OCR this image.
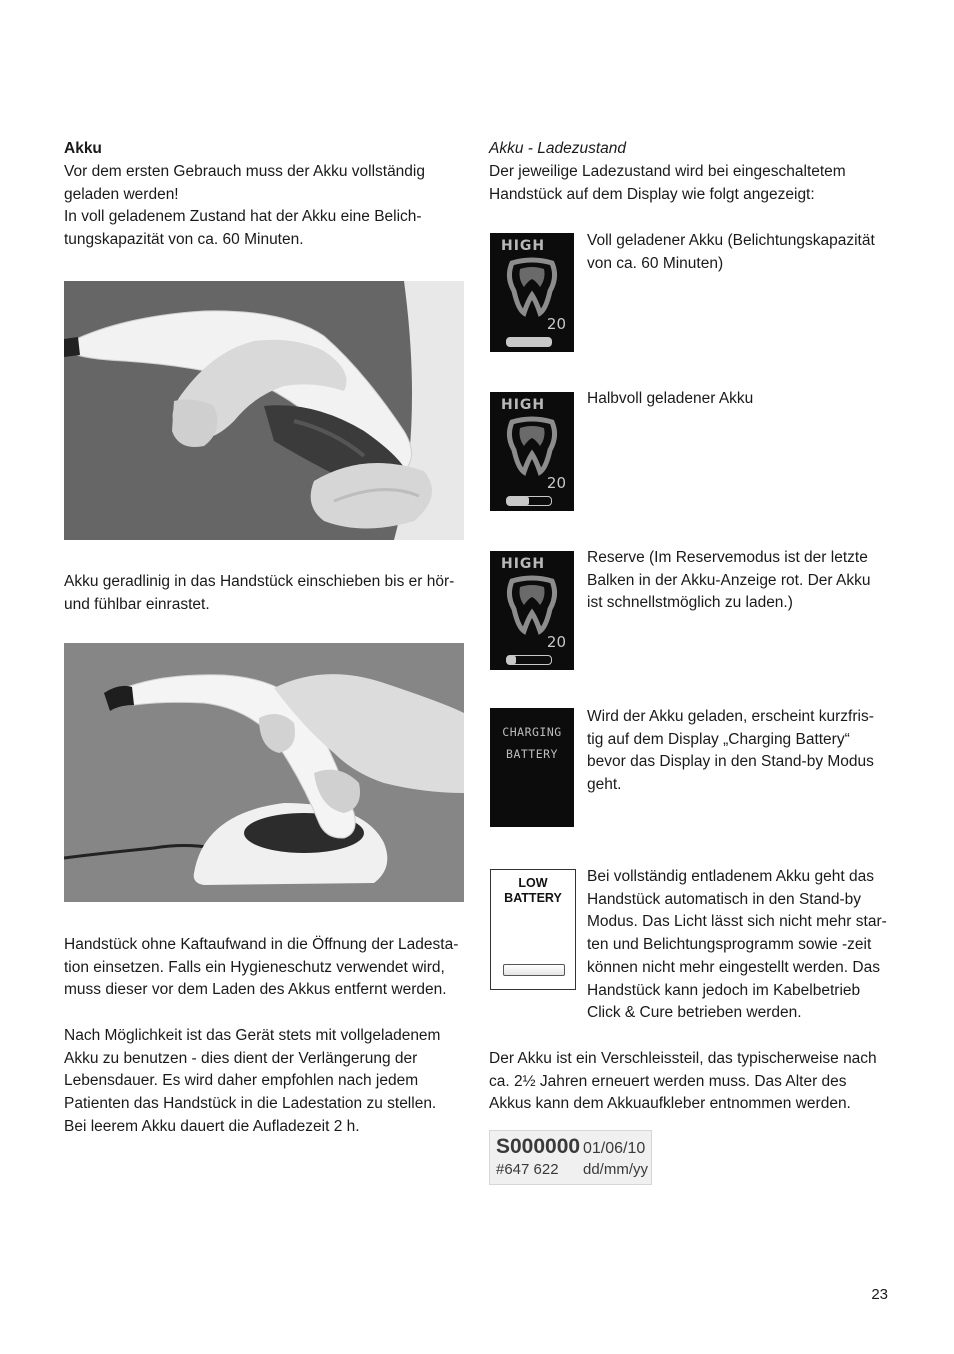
Akku
Vor dem ersten Gebrauch muss der Akku vollständig
geladen werden!
In voll geladenem Zustand hat der Akku eine Belich-
tungskapazität von ca. 60 Minuten.
Akku geradlinig in das Handstück einschieben bis er hör-
und fühlbar einrastet.
Handstück ohne Kaftaufwand in die Öffnung der Ladesta-
tion einsetzen. Falls ein Hygieneschutz verwendet wird,
muss dieser vor dem Laden des Akkus entfernt werden.
Nach Möglichkeit ist das Gerät stets mit vollgeladenem
Akku zu benutzen - dies dient der Verlängerung der
Lebensdauer. Es wird daher empfohlen nach jedem
Patienten das Handstück in die Ladestation zu stellen.
Bei leerem Akku dauert die Aufladezeit 2 h.
Akku - Ladezustand
Der jeweilige Ladezustand wird bei eingeschaltetem
Handstück auf dem Display wie folgt angezeigt:
HIGH
20
Voll geladener Akku (Belichtungskapazität
von ca. 60 Minuten)
HIGH
20
Halbvoll geladener Akku
HIGH
20
Reserve (Im Reservemodus ist der letzte
Balken in der Akku-Anzeige rot. Der Akku
ist schnellstmöglich zu laden.)
CHARGING
BATTERY
Wird der Akku geladen, erscheint kurzfris-
tig auf dem Display „Charging Battery“
bevor das Display in den Stand-by Modus
geht.
LOW
BATTERY
Bei vollständig entladenem Akku geht das
Handstück automatisch in den Stand-by
Modus. Das Licht lässt sich nicht mehr star-
ten und Belichtungsprogramm sowie -zeit
können nicht mehr eingestellt werden. Das
Handstück kann jedoch im Kabelbetrieb
Click & Cure betrieben werden.
Der Akku ist ein Verschleissteil, das typischerweise nach
ca. 2½ Jahren erneuert werden muss. Das Alter des
Akkus kann dem Akkuaufkleber entnommen werden.
S000000 01/06/10
#647 622 dd/mm/yy
23
